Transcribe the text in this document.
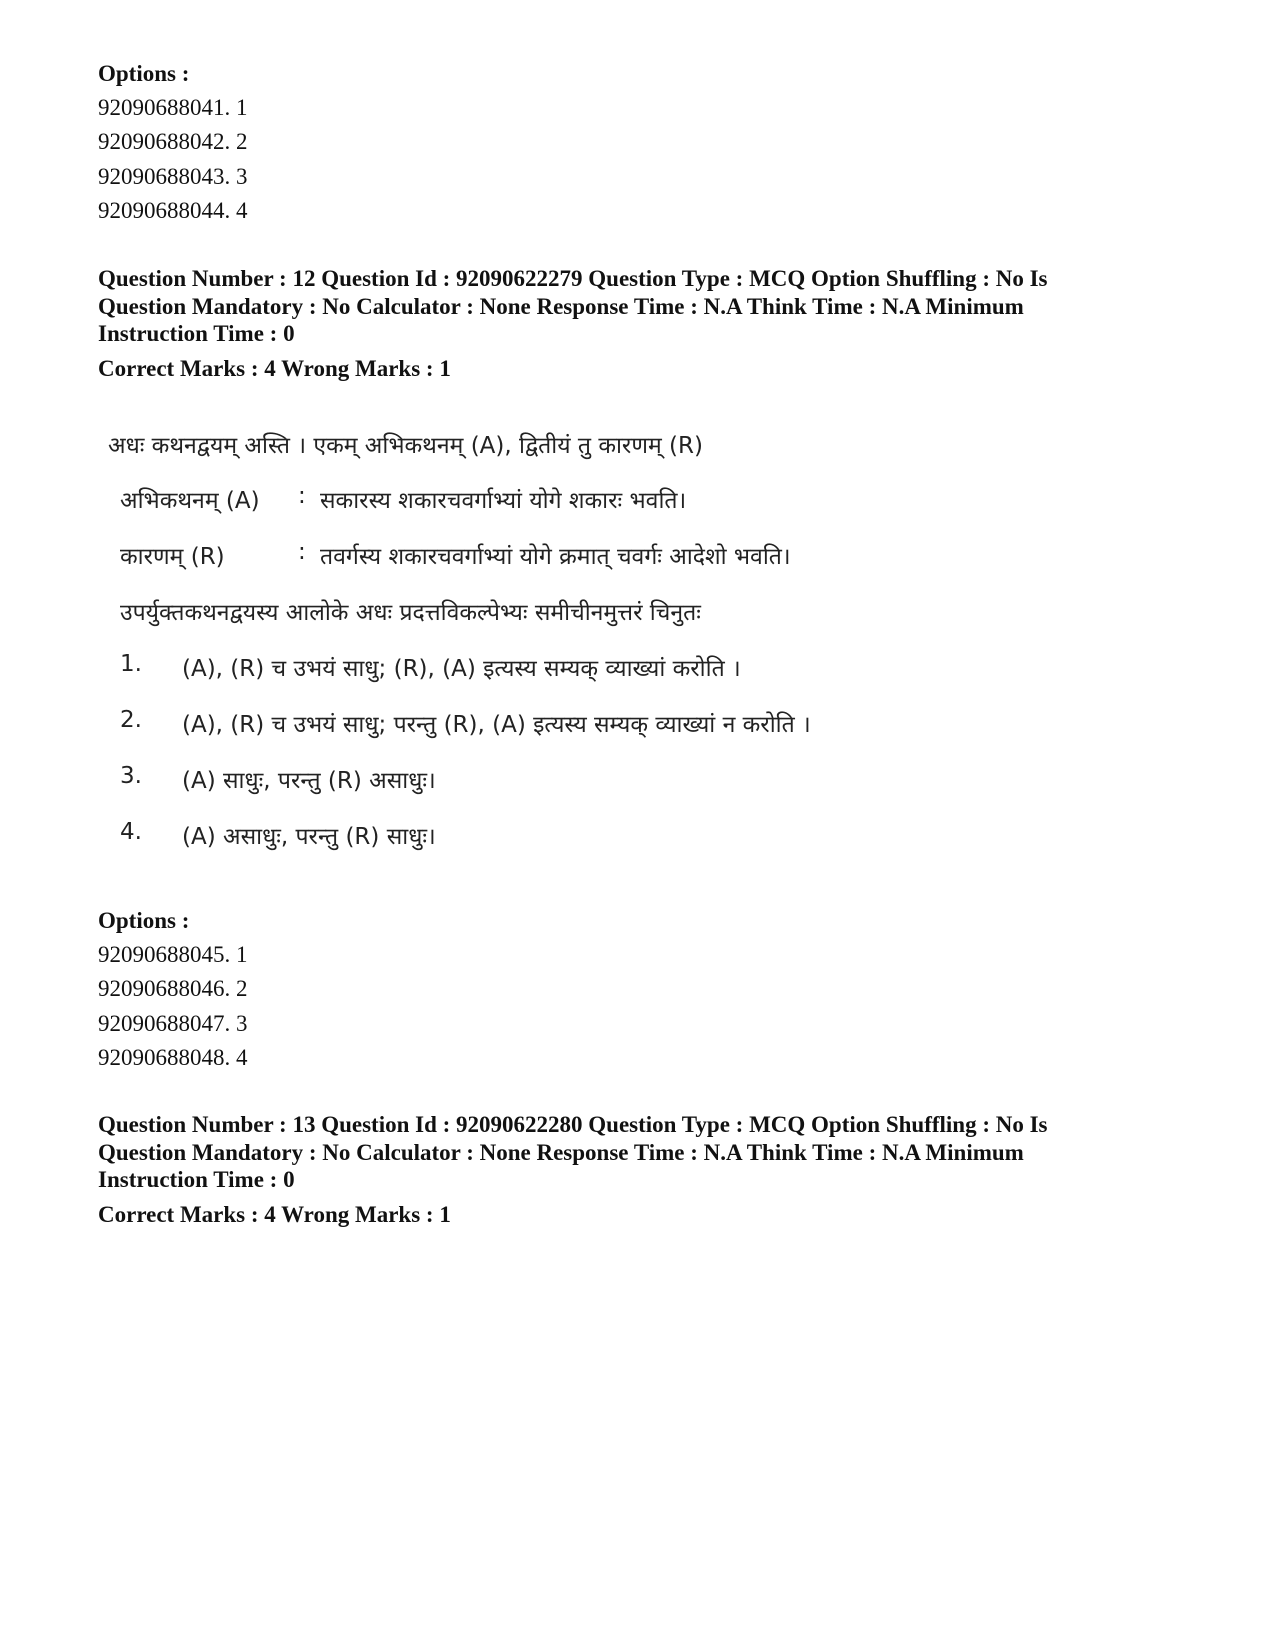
Options :
92090688041. 1
92090688042. 2
92090688043. 3
92090688044. 4
Question Number : 12 Question Id : 92090622279 Question Type : MCQ Option Shuffling : No Is
Question Mandatory : No Calculator : None Response Time : N.A Think Time : N.A Minimum
Instruction Time : 0
Correct Marks : 4 Wrong Marks : 1
अधः कथनद्वयम् अस्ति । एकम् अभिकथनम् (A), द्वितीयं तु कारणम् (R)
अभिकथनम् (A) : सकारस्य शकारचवर्गाभ्यां योगे शकारः भवति।
कारणम् (R)	: तवर्गस्य शकारचवर्गाभ्यां योगे क्रमात् चवर्गः आदेशो भवति।
उपर्युक्तकथनद्वयस्य आलोके अधः प्रदत्तविकल्पेभ्यः समीचीनमुत्तरं चिनुतः
1.	(A), (R) च उभयं साधु; (R), (A) इत्यस्य सम्यक् व्याख्यां करोति ।
2.	(A), (R) च उभयं साधु; परन्तु (R), (A) इत्यस्य सम्यक् व्याख्यां न करोति ।
3.	(A) साधुः, परन्तु (R) असाधुः।
4.	(A) असाधुः, परन्तु (R) साधुः।
Options :
92090688045. 1
92090688046. 2
92090688047. 3
92090688048. 4
Question Number : 13 Question Id : 92090622280 Question Type : MCQ Option Shuffling : No Is
Question Mandatory : No Calculator : None Response Time : N.A Think Time : N.A Minimum
Instruction Time : 0
Correct Marks : 4 Wrong Marks : 1
